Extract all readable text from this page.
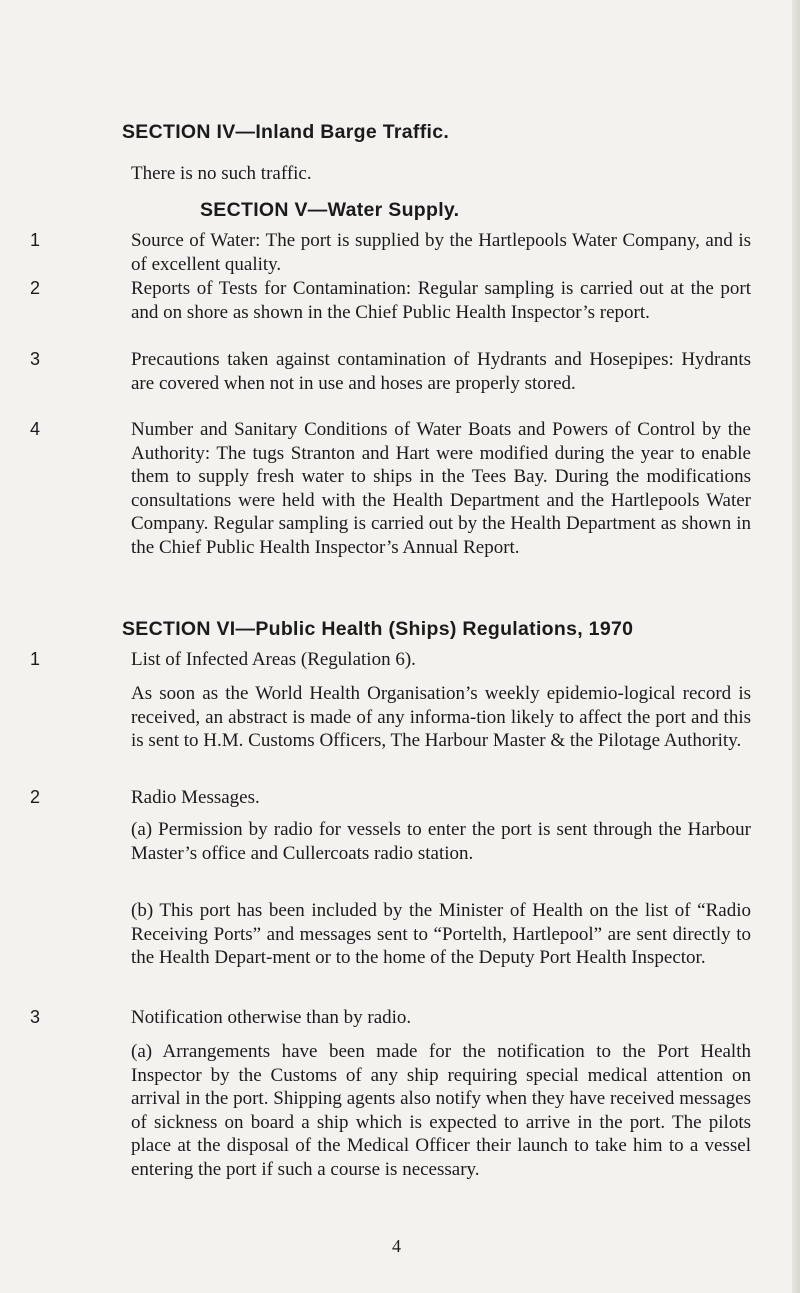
SECTION IV—Inland Barge Traffic.
There is no such traffic.
SECTION V—Water Supply.
1	Source of Water: The port is supplied by the Hartlepools Water Company, and is of excellent quality.
2	Reports of Tests for Contamination: Regular sampling is carried out at the port and on shore as shown in the Chief Public Health Inspector’s report.
3	Precautions taken against contamination of Hydrants and Hosepipes: Hydrants are covered when not in use and hoses are properly stored.
4	Number and Sanitary Conditions of Water Boats and Powers of Control by the Authority: The tugs Stranton and Hart were modified during the year to enable them to supply fresh water to ships in the Tees Bay. During the modifications consultations were held with the Health Department and the Hartlepools Water Company. Regular sampling is carried out by the Health Department as shown in the Chief Public Health Inspector’s Annual Report.
SECTION VI—Public Health (Ships) Regulations, 1970
1	List of Infected Areas (Regulation 6).
As soon as the World Health Organisation’s weekly epidemio-logical record is received, an abstract is made of any informa-tion likely to affect the port and this is sent to H.M. Customs Officers, The Harbour Master & the Pilotage Authority.
2	Radio Messages.
(a) Permission by radio for vessels to enter the port is sent through the Harbour Master’s office and Cullercoats radio station.
(b) This port has been included by the Minister of Health on the list of “Radio Receiving Ports” and messages sent to “Portelth, Hartlepool” are sent directly to the Health Depart-ment or to the home of the Deputy Port Health Inspector.
3	Notification otherwise than by radio.
(a) Arrangements have been made for the notification to the Port Health Inspector by the Customs of any ship requiring special medical attention on arrival in the port. Shipping agents also notify when they have received messages of sickness on board a ship which is expected to arrive in the port. The pilots place at the disposal of the Medical Officer their launch to take him to a vessel entering the port if such a course is necessary.
4
